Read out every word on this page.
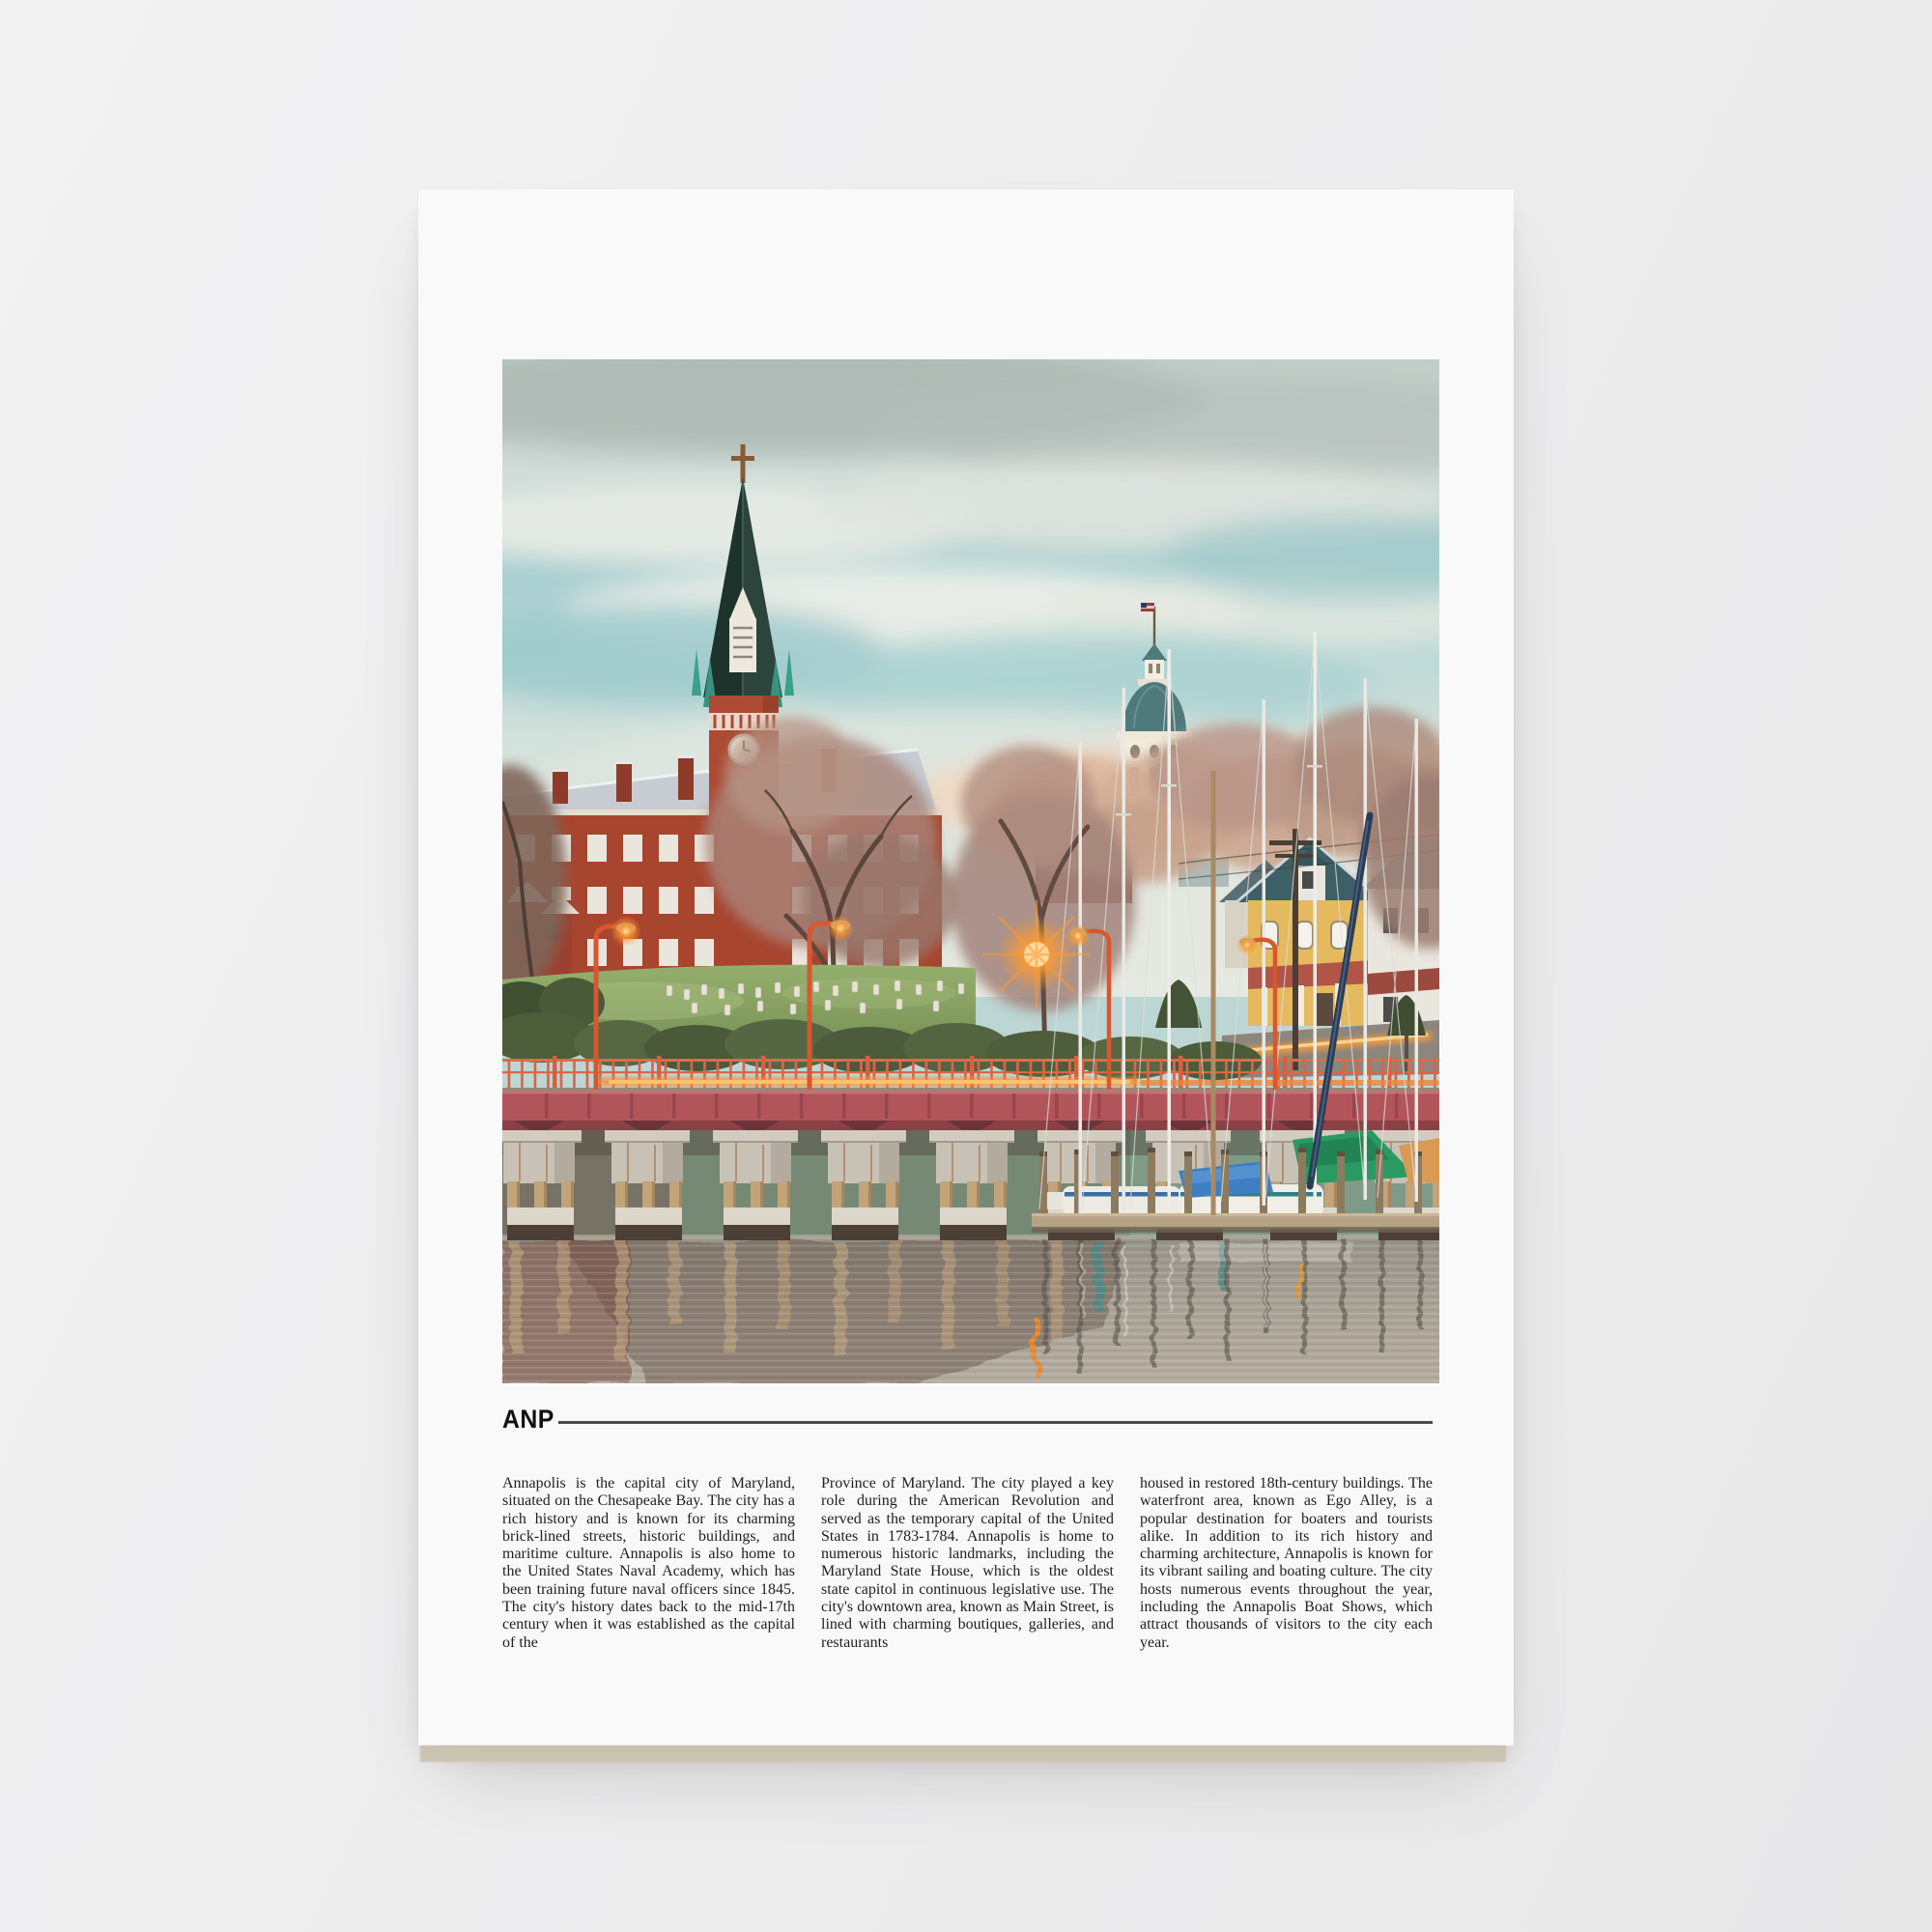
ANP

Annapolis is the capital city of Maryland, situated on the Chesapeake Bay. The city has a rich history and is known for its charming brick-lined streets, historic buildings, and maritime culture. Annapolis is also home to the United States Naval Academy, which has been training future naval officers since 1845. The city's history dates back to the mid-17th century when it was established as the capital of the

Province of Maryland. The city played a key role during the American Revolution and served as the temporary capital of the United States in 1783-1784. Annapolis is home to numerous historic landmarks, including the Maryland State House, which is the oldest state capitol in continuous legislative use. The city's downtown area, known as Main Street, is lined with charming boutiques, galleries, and restaurants

housed in restored 18th-century buildings. The waterfront area, known as Ego Alley, is a popular destination for boaters and tourists alike. In addition to its rich history and charming architecture, Annapolis is known for its vibrant sailing and boating culture. The city hosts numerous events throughout the year, including the Annapolis Boat Shows, which attract thousands of visitors to the city each year.
